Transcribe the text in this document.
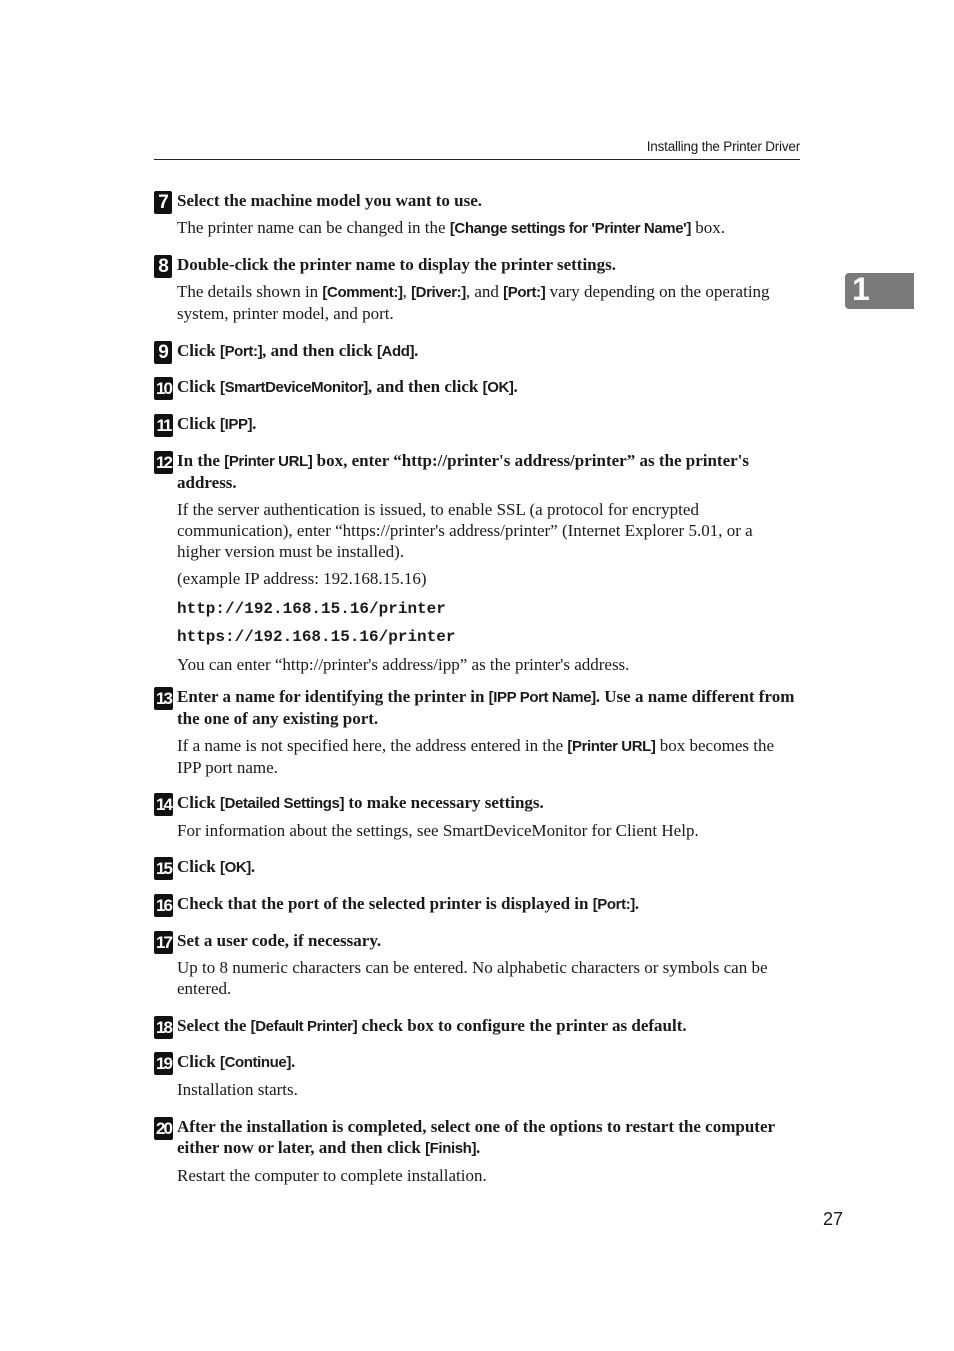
Installing the Printer Driver
1
7 Select the machine model you want to use.
The printer name can be changed in the [Change settings for 'Printer Name'] box.
8 Double-click the printer name to display the printer settings.
The details shown in [Comment:], [Driver:], and [Port:] vary depending on the operating system, printer model, and port.
9 Click [Port:], and then click [Add].
10 Click [SmartDeviceMonitor], and then click [OK].
11 Click [IPP].
12 In the [Printer URL] box, enter “http://printer's address/printer” as the printer's address.
If the server authentication is issued, to enable SSL (a protocol for encrypted communication), enter “https://printer's address/printer” (Internet Explorer 5.01, or a higher version must be installed).
(example IP address: 192.168.15.16)
http://192.168.15.16/printer
https://192.168.15.16/printer
You can enter “http://printer's address/ipp” as the printer's address.
13 Enter a name for identifying the printer in [IPP Port Name]. Use a name different from the one of any existing port.
If a name is not specified here, the address entered in the [Printer URL] box becomes the IPP port name.
14 Click [Detailed Settings] to make necessary settings.
For information about the settings, see SmartDeviceMonitor for Client Help.
15 Click [OK].
16 Check that the port of the selected printer is displayed in [Port:].
17 Set a user code, if necessary.
Up to 8 numeric characters can be entered. No alphabetic characters or symbols can be entered.
18 Select the [Default Printer] check box to configure the printer as default.
19 Click [Continue].
Installation starts.
20 After the installation is completed, select one of the options to restart the computer either now or later, and then click [Finish].
Restart the computer to complete installation.
27
